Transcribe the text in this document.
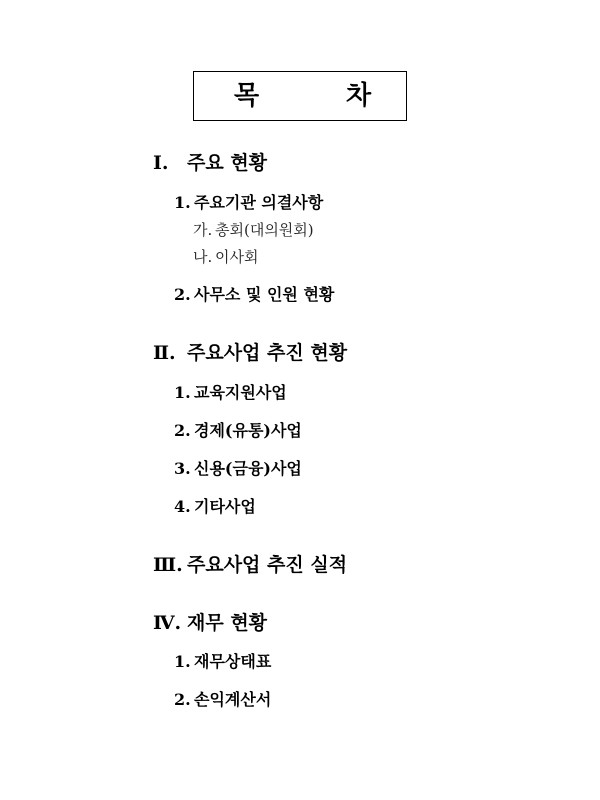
목	차
Ⅰ. 주요 현황
1. 주요기관 의결사항
가. 총회(대의원회)
나. 이사회
2. 사무소 및 인원 현황
Ⅱ. 주요사업 추진 현황
1. 교육지원사업
2. 경제(유통)사업
3. 신용(금융)사업
4. 기타사업
Ⅲ. 주요사업 추진 실적
Ⅳ. 재무 현황
1. 재무상태표
2. 손익계산서
